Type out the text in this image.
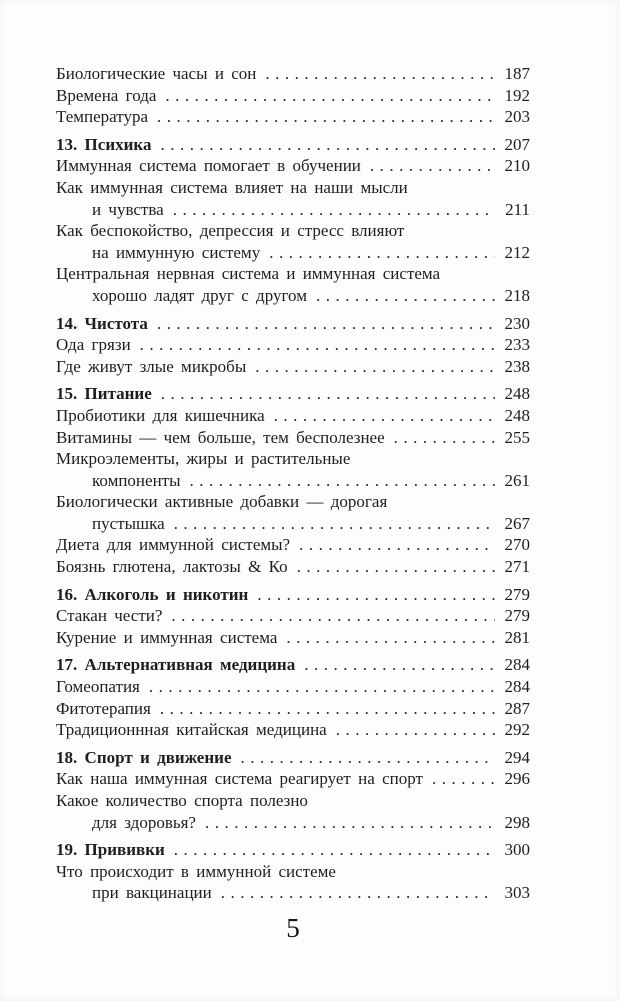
Биологические часы и сон .....	187
Времена года .....	192
Температура .....	203
13. Психика .....	207
Иммунная система помогает в обучении .....	210
Как иммунная система влияет на наши мысли
и чувства .....	211
Как беспокойство, депрессия и стресс влияют
на иммунную систему .....	212
Центральная нервная система и иммунная система
хорошо ладят друг с другом .....	218
14. Чистота .....	230
Ода грязи .....	233
Где живут злые микробы .....	238
15. Питание .....	248
Пробиотики для кишечника .....	248
Витамины — чем больше, тем бесполезнее .....	255
Микроэлементы, жиры и растительные
компоненты .....	261
Биологически активные добавки — дорогая
пустышка .....	267
Диета для иммунной системы? .....	270
Боязнь глютена, лактозы & Ко .....	271
16. Алкоголь и никотин .....	279
Стакан чести? .....	279
Курение и иммунная система .....	281
17. Альтернативная медицина .....	284
Гомеопатия .....	284
Фитотерапия .....	287
Традиционнная китайская медицина .....	292
18. Спорт и движение .....	294
Как наша иммунная система реагирует на спорт .....	296
Какое количество спорта полезно
для здоровья? .....	298
19. Прививки .....	300
Что происходит в иммунной системе
при вакцинации .....	303
5
